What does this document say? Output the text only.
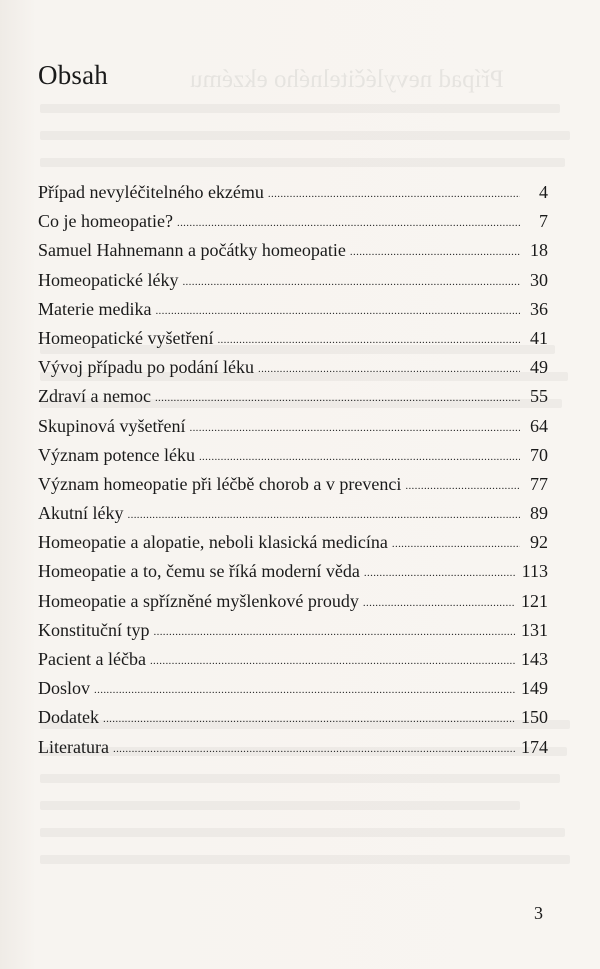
Případ nevyléčitelného ekzému
Obsah
Případ nevyléčitelného ekzému . . .	4
Co je homeopatie? . . .	7
Samuel Hahnemann a počátky homeopatie . . .	18
Homeopatické léky . . .	30
Materie medika . . .	36
Homeopatické vyšetření . . .	41
Vývoj případu po podání léku . . .	49
Zdraví a nemoc . . .	55
Skupinová vyšetření . . .	64
Význam potence léku . . .	70
Význam homeopatie při léčbě chorob a v prevenci . . .	77
Akutní léky . . .	89
Homeopatie a alopatie, neboli klasická medicína . . .	92
Homeopatie a to, čemu se říká moderní věda . . .	113
Homeopatie a spřízněné myšlenkové proudy . . .	121
Konstituční typ . . .	131
Pacient a léčba . . .	143
Doslov . . .	149
Dodatek . . .	150
Literatura . . .	174
3
